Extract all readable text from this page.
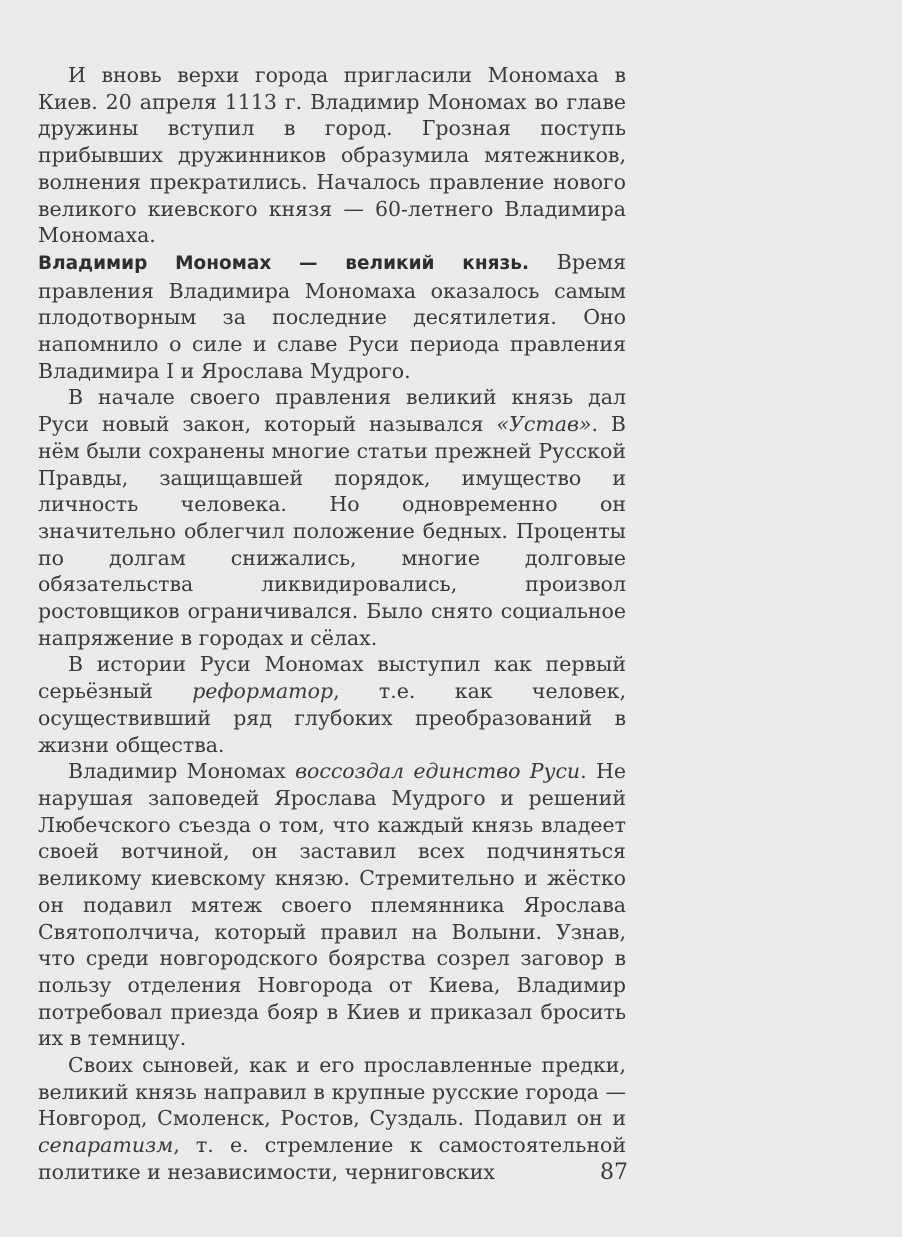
И вновь верхи города пригласили Мономаха в Киев. 20 апреля 1113 г. Владимир Мономах во главе дружины вступил в город. Грозная поступь прибывших дружинников образумила мятежников, волнения прекратились. Началось правление нового великого киевского князя — 60-летнего Владимира Мономаха.

Владимир Мономах — великий князь. Время правления Владимира Мономаха оказалось самым плодотворным за последние десятилетия. Оно напомнило о силе и славе Руси периода правления Владимира I и Ярослава Мудрого.

В начале своего правления великий князь дал Руси новый закон, который назывался «Устав». В нём были сохранены многие статьи прежней Русской Правды, защищавшей порядок, имущество и личность человека. Но одновременно он значительно облегчил положение бедных. Проценты по долгам снижались, многие долговые обязательства ликвидировались, произвол ростовщиков ограничивался. Было снято социальное напряжение в городах и сёлах.

В истории Руси Мономах выступил как первый серьёзный реформатор, т.е. как человек, осуществивший ряд глубоких преобразований в жизни общества.

Владимир Мономах воссоздал единство Руси. Не нарушая заповедей Ярослава Мудрого и решений Любечского съезда о том, что каждый князь владеет своей вотчиной, он заставил всех подчиняться великому киевскому князю. Стремительно и жёстко он подавил мятеж своего племянника Ярослава Святополчича, который правил на Волыни. Узнав, что среди новгородского боярства созрел заговор в пользу отделения Новгорода от Киева, Владимир потребовал приезда бояр в Киев и приказал бросить их в темницу.

Своих сыновей, как и его прославленные предки, великий князь направил в крупные русские города — Новгород, Смоленск, Ростов, Суздаль. Подавил он и сепаратизм, т. е. стремление к самостоятельной политике и независимости, черниговских	87
